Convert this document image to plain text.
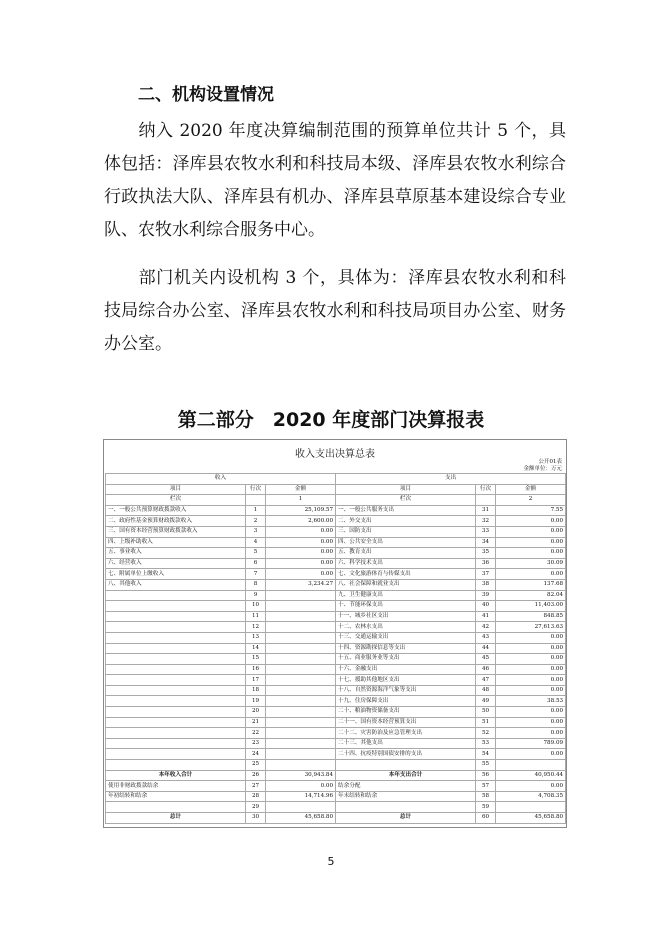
二、机构设置情况
纳入 2020 年度决算编制范围的预算单位共计 5 个，具体包括：泽库县农牧水利和科技局本级、泽库县农牧水利综合行政执法大队、泽库县有机办、泽库县草原基本建设综合专业队、农牧水利综合服务中心。
部门机关内设机构 3 个，具体为：泽库县农牧水利和科技局综合办公室、泽库县农牧水利和科技局项目办公室、财务办公室。
第二部分　2020 年度部门决算报表
收入支出决算总表
公开01表
金额单位：万元
收入			支出		
项目	行次	金额	项目	行次	金额
栏次		1	栏次		2
一、一般公共预算财政拨款收入	1	25,109.57	一、一般公共服务支出	31	7.55
二、政府性基金预算财政拨款收入	2	2,600.00	二、外交支出	32	0.00
三、国有资本经营预算财政拨款收入	3	0.00	三、国防支出	33	0.00
四、上级补助收入	4	0.00	四、公共安全支出	34	0.00
五、事业收入	5	0.00	五、教育支出	35	0.00
六、经营收入	6	0.00	六、科学技术支出	36	30.09
七、附属单位上缴收入	7	0.00	七、文化旅游体育与传媒支出	37	0.00
八、其他收入	8	3,234.27	八、社会保障和就业支出	38	137.68
	9		九、卫生健康支出	39	82.04
	10		十、节能环保支出	40	11,403.00
	11		十一、城乡社区支出	41	848.85
	12		十二、农林水支出	42	27,613.63
	13		十三、交通运输支出	43	0.00
	14		十四、资源勘探信息等支出	44	0.00
	15		十五、商业服务业等支出	45	0.00
	16		十六、金融支出	46	0.00
	17		十七、援助其他地区支出	47	0.00
	18		十八、自然资源海洋气象等支出	48	0.00
	19		十九、住房保障支出	49	38.53
	20		二十、粮油物资储备支出	50	0.00
	21		二十一、国有资本经营预算支出	51	0.00
	22		二十二、灾害防治及应急管理支出	52	0.00
	23		二十三、其他支出	53	789.09
	24		二十四、抗疫特别国债安排的支出	54	0.00
	25			55	
本年收入合计	26	30,943.84	本年支出合计	56	40,950.44
使用非财政拨款结余	27	0.00	结余分配	57	0.00
年初结转和结余	28	14,714.96	年末结转和结余	58	4,708.35
	29			59	
总计	30	45,658.80	总计	60	45,658.80
5
